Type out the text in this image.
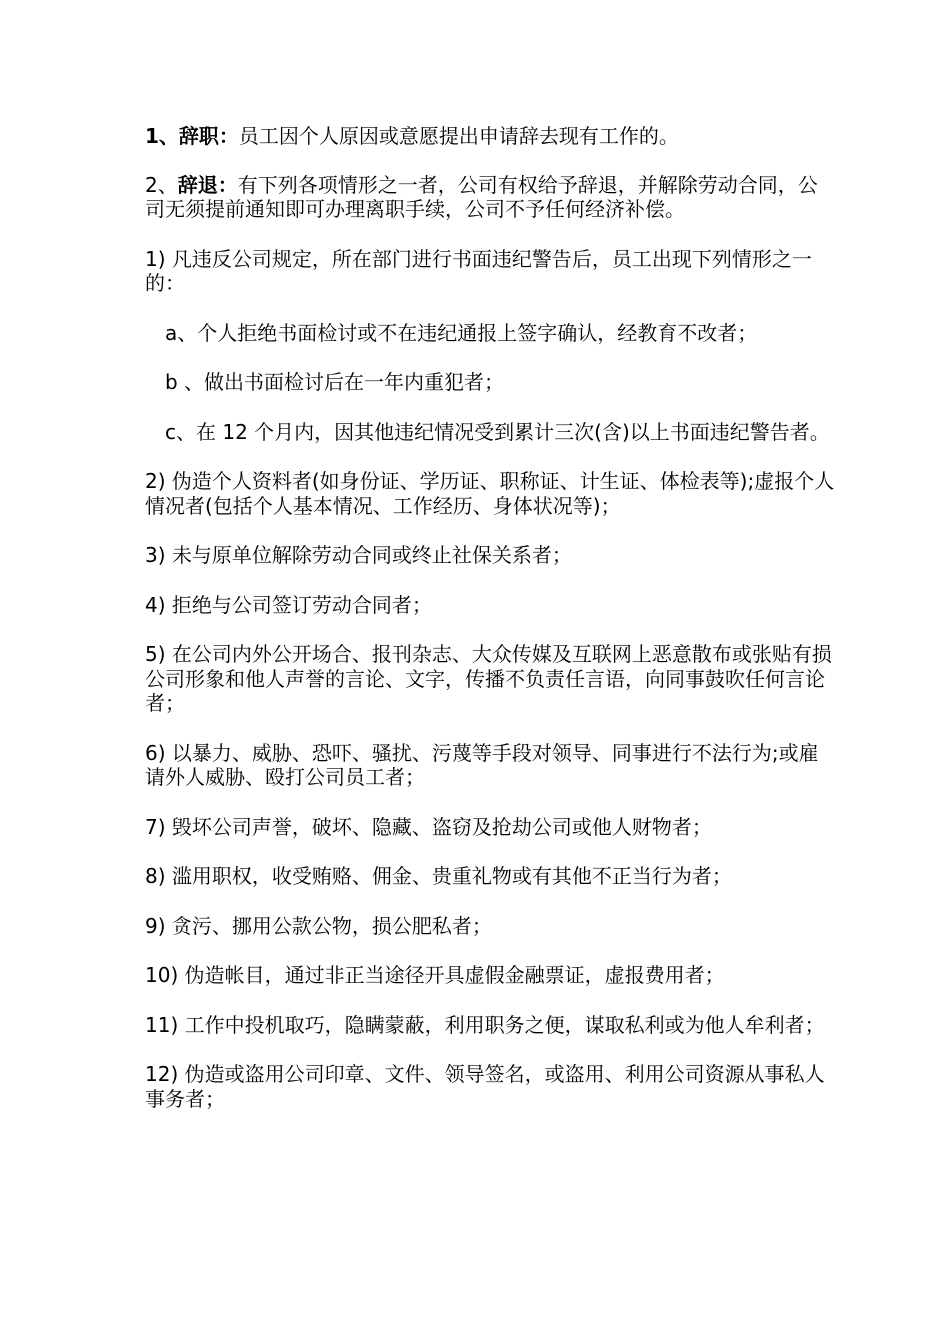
1、辞职：员工因个人原因或意愿提出申请辞去现有工作的。

2、辞退：有下列各项情形之一者，公司有权给予辞退，并解除劳动合同，公司无须提前通知即可办理离职手续，公司不予任何经济补偿。

1) 凡违反公司规定，所在部门进行书面违纪警告后，员工出现下列情形之一的：

a、个人拒绝书面检讨或不在违纪通报上签字确认，经教育不改者；

b 、做出书面检讨后在一年内重犯者；

c、在 12 个月内，因其他违纪情况受到累计三次(含)以上书面违纪警告者。

2) 伪造个人资料者(如身份证、学历证、职称证、计生证、体检表等);虚报个人情况者(包括个人基本情况、工作经历、身体状况等)；

3) 未与原单位解除劳动合同或终止社保关系者；

4) 拒绝与公司签订劳动合同者；

5) 在公司内外公开场合、报刊杂志、大众传媒及互联网上恶意散布或张贴有损公司形象和他人声誉的言论、文字，传播不负责任言语，向同事鼓吹任何言论者；

6) 以暴力、威胁、恐吓、骚扰、污蔑等手段对领导、同事进行不法行为;或雇请外人威胁、殴打公司员工者；

7) 毁坏公司声誉，破坏、隐藏、盗窃及抢劫公司或他人财物者；

8) 滥用职权，收受贿赂、佣金、贵重礼物或有其他不正当行为者；

9) 贪污、挪用公款公物，损公肥私者；

10) 伪造帐目，通过非正当途径开具虚假金融票证，虚报费用者；

11) 工作中投机取巧，隐瞒蒙蔽，利用职务之便，谋取私利或为他人牟利者；

12) 伪造或盗用公司印章、文件、领导签名，或盗用、利用公司资源从事私人事务者；
